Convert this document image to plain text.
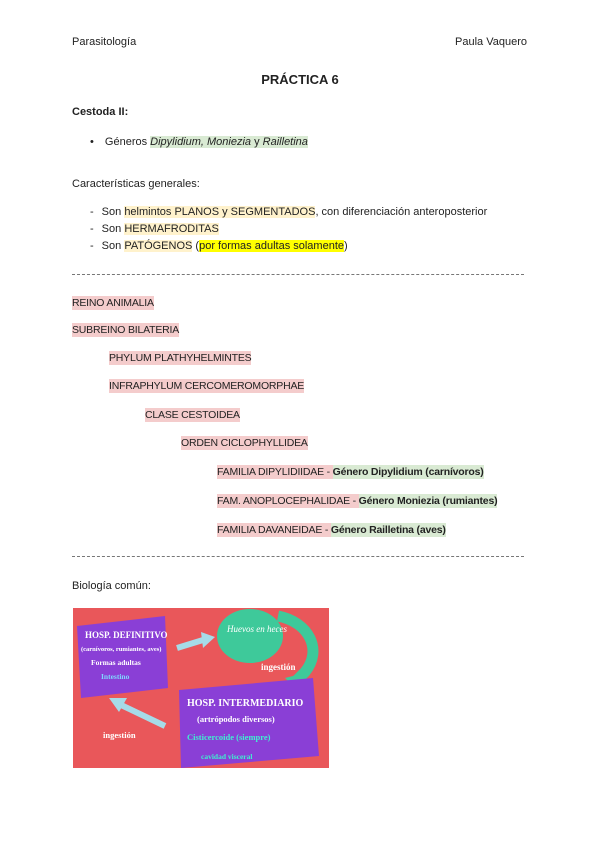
Parasitología	Paula Vaquero
PRÁCTICA 6
Cestoda II:
• Géneros Dipylidium, Moniezia y Railletina
Características generales:
- Son helmintos PLANOS y SEGMENTADOS, con diferenciación anteroposterior
- Son HERMAFRODITAS
- Son PATÓGENOS (por formas adultas solamente)
REINO ANIMALIA
SUBREINO BILATERIA
PHYLUM PLATHYHELMINTES
INFRAPHYLUM CERCOMEROMORPHAE
CLASE CESTOIDEA
ORDEN CICLOPHYLLIDEA
FAMILIA DIPYLIDIIDAE - Género Dipylidium (carnívoros)
FAM. ANOPLOCEPHALIDAE - Género Moniezia (rumiantes)
FAMILIA DAVANEIDAE - Género Railletina (aves)
Biología común:
HOSP. DEFINITIVO
(carnívoros, rumiantes, aves)
Formas adultas
Intestino
Huevos en heces
ingestión
HOSP. INTERMEDIARIO
(artrópodos diversos)
Cisticercoide (siempre)
cavidad visceral
ingestión
